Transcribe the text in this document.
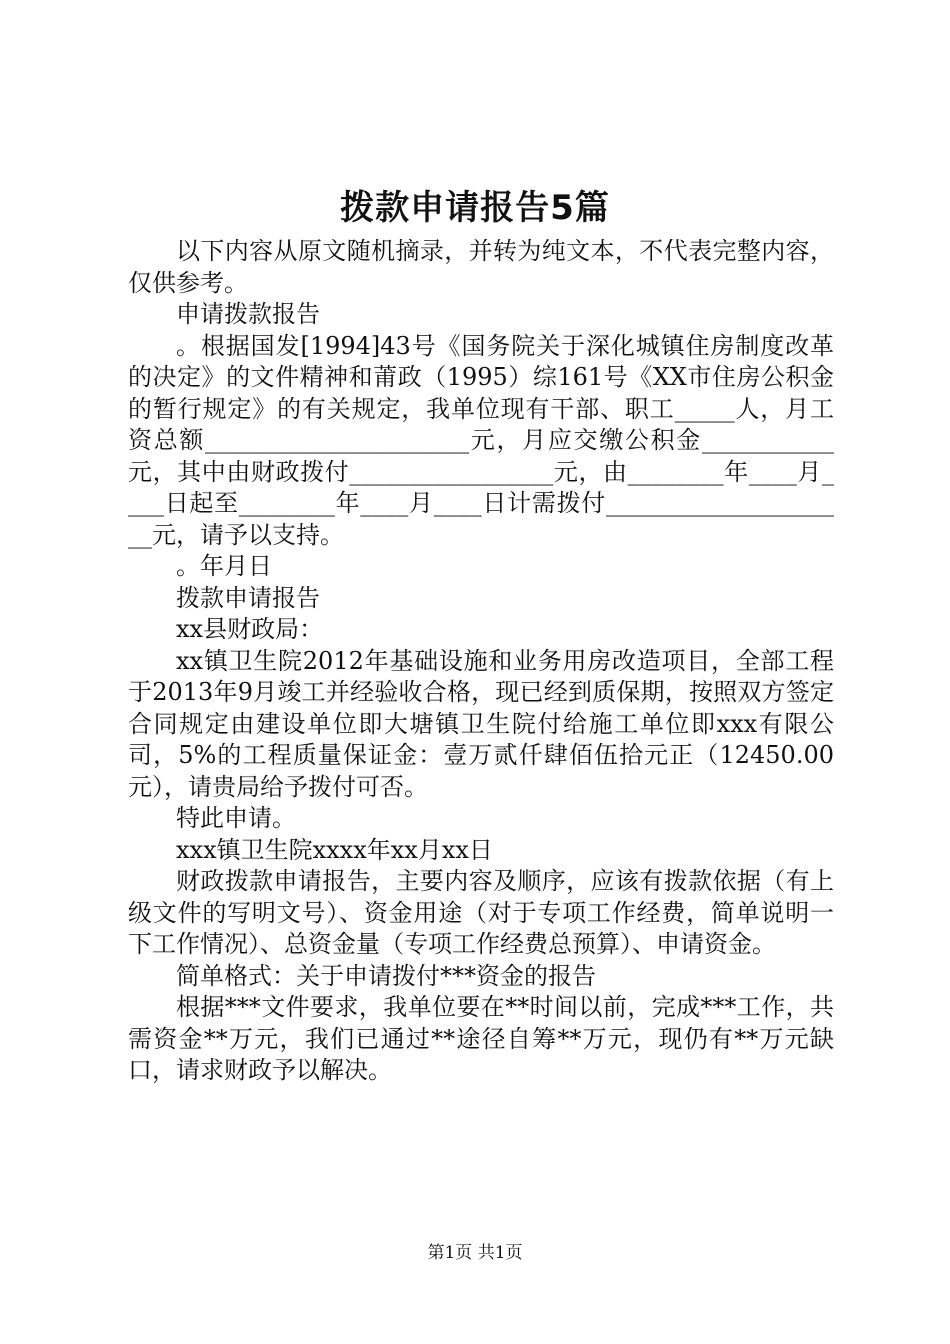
拨款申请报告5篇

以下内容从原文随机摘录，并转为纯文本，不代表完整内容，仅供参考。

申请拨款报告

。根据国发[1994]43号《国务院关于深化城镇住房制度改革的决定》的文件精神和莆政（1995）综161号《XX市住房公积金的暂行规定》的有关规定，我单位现有干部、职工_____人，月工资总额______________________元，月应交缴公积金___________元，其中由财政拨付_________________元，由________年____月____日起至________年____月____日计需拨付_____________________元，请予以支持。

。年月日

拨款申请报告

xx县财政局：

xx镇卫生院2012年基础设施和业务用房改造项目，全部工程于2013年9月竣工并经验收合格，现已经到质保期，按照双方签定合同规定由建设单位即大塘镇卫生院付给施工单位即xxx有限公司，5%的工程质量保证金：壹万贰仟肆佰伍拾元正（12450.00元），请贵局给予拨付可否。

特此申请。

xxx镇卫生院xxxx年xx月xx日

财政拨款申请报告，主要内容及顺序，应该有拨款依据（有上级文件的写明文号）、资金用途（对于专项工作经费，简单说明一下工作情况）、总资金量（专项工作经费总预算）、申请资金。

简单格式：关于申请拨付***资金的报告

根据***文件要求，我单位要在**时间以前，完成***工作，共需资金**万元，我们已通过**途径自筹**万元，现仍有**万元缺口，请求财政予以解决。

第1页 共1页
